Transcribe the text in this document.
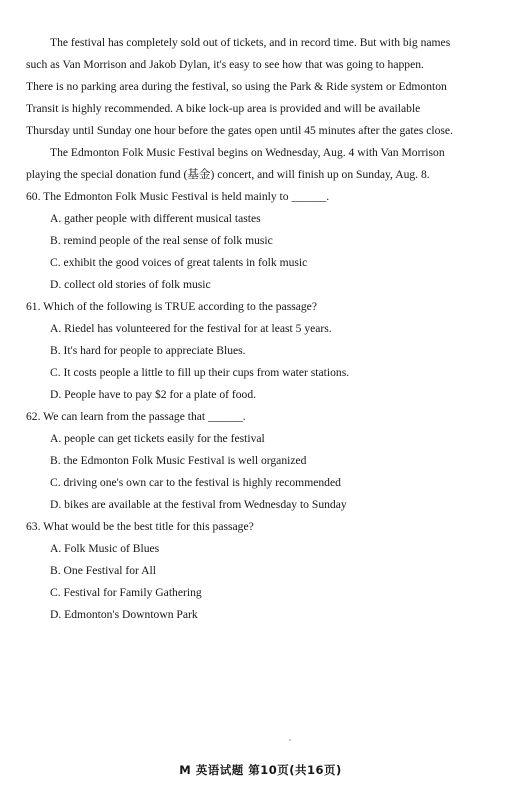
The festival has completely sold out of tickets, and in record time. But with big names
such as Van Morrison and Jakob Dylan, it's easy to see how that was going to happen.
There is no parking area during the festival, so using the Park & Ride system or Edmonton
Transit is highly recommended. A bike lock-up area is provided and will be available
Thursday until Sunday one hour before the gates open until 45 minutes after the gates close.
The Edmonton Folk Music Festival begins on Wednesday, Aug. 4 with Van Morrison
playing the special donation fund (基金) concert, and will finish up on Sunday, Aug. 8.
60. The Edmonton Folk Music Festival is held mainly to ______.
A. gather people with different musical tastes
B. remind people of the real sense of folk music
C. exhibit the good voices of great talents in folk music
D. collect old stories of folk music
61. Which of the following is TRUE according to the passage?
A. Riedel has volunteered for the festival for at least 5 years.
B. It's hard for people to appreciate Blues.
C. It costs people a little to fill up their cups from water stations.
D. People have to pay $2 for a plate of food.
62. We can learn from the passage that ______.
A. people can get tickets easily for the festival
B. the Edmonton Folk Music Festival is well organized
C. driving one's own car to the festival is highly recommended
D. bikes are available at the festival from Wednesday to Sunday
63. What would be the best title for this passage?
A. Folk Music of Blues
B. One Festival for All
C. Festival for Family Gathering
D. Edmonton's Downtown Park
M 英语试题 第10页(共16页)
